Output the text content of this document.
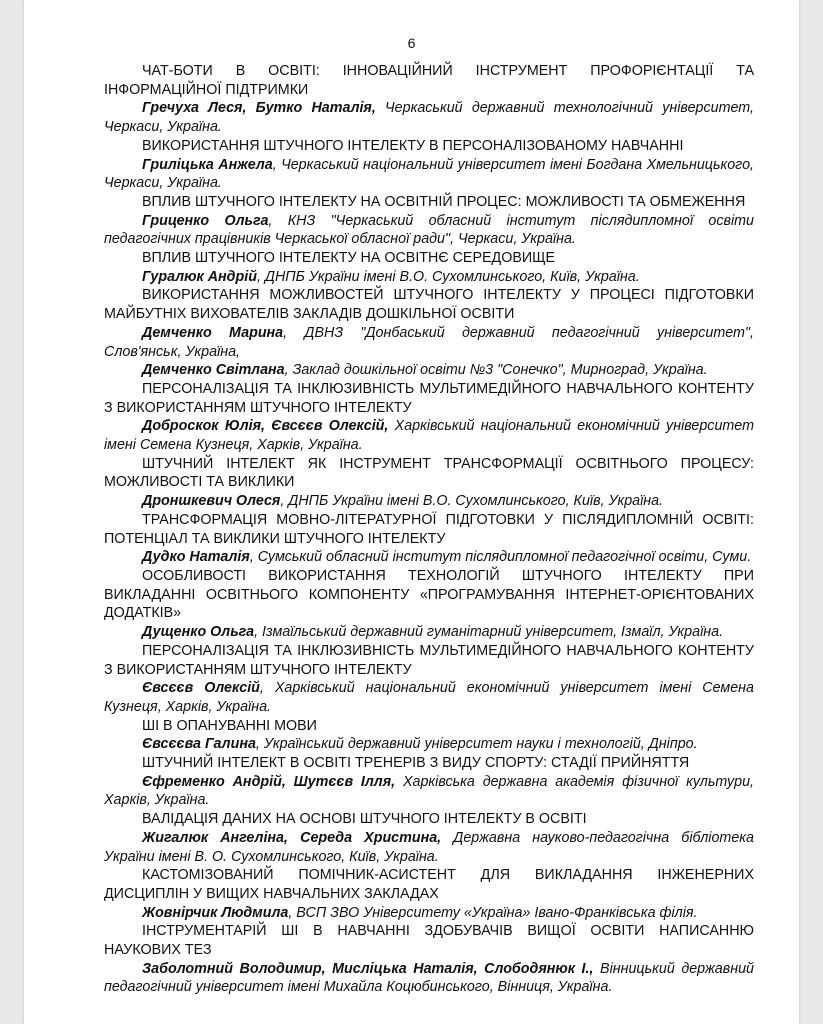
6
ЧАТ-БОТИ В ОСВІТІ: ІННОВАЦІЙНИЙ ІНСТРУМЕНТ ПРОФОРІЄНТАЦІЇ ТА ІНФОРМАЦІЙНОЇ ПІДТРИМКИ
Гречуха Леся, Бутко Наталія, Черкаський державний технологічний університет, Черкаси, Україна.
ВИКОРИСТАННЯ ШТУЧНОГО ІНТЕЛЕКТУ В ПЕРСОНАЛІЗОВАНОМУ НАВЧАННІ
Гриліцька Анжела, Черкаський національний університет імені Богдана Хмельницького, Черкаси, Україна.
ВПЛИВ ШТУЧНОГО ІНТЕЛЕКТУ НА ОСВІТНІЙ ПРОЦЕС: МОЖЛИВОСТІ ТА ОБМЕЖЕННЯ
Гриценко Ольга, КНЗ "Черкаський обласний інститут післядипломної освіти педагогічних працівників Черкаської обласної ради", Черкаси, Україна.
ВПЛИВ ШТУЧНОГО ІНТЕЛЕКТУ НА ОСВІТНЄ СЕРЕДОВИЩЕ
Гуралюк Андрій, ДНПБ України імені В.О. Сухомлинського, Київ, Україна.
ВИКОРИСТАННЯ МОЖЛИВОСТЕЙ ШТУЧНОГО ІНТЕЛЕКТУ У ПРОЦЕСІ ПІДГОТОВКИ МАЙБУТНІХ ВИХОВАТЕЛІВ ЗАКЛАДІВ ДОШКІЛЬНОЇ ОСВІТИ
Демченко Марина, ДВНЗ "Донбаський державний педагогічний університет", Слов'янськ, Україна,
Демченко Світлана, Заклад дошкільної освіти №3 "Сонечко", Мирноград, Україна.
ПЕРСОНАЛІЗАЦІЯ ТА ІНКЛЮЗИВНІСТЬ МУЛЬТИМЕДІЙНОГО НАВЧАЛЬНОГО КОНТЕНТУ З ВИКОРИСТАННЯМ ШТУЧНОГО ІНТЕЛЕКТУ
Доброскок Юлія, Євсєєв Олексій, Харківський національний економічний університет імені Семена Кузнеця, Харків, Україна.
ШТУЧНИЙ ІНТЕЛЕКТ ЯК ІНСТРУМЕНТ ТРАНСФОРМАЦІЇ ОСВІТНЬОГО ПРОЦЕСУ: МОЖЛИВОСТІ ТА ВИКЛИКИ
Дроншкевич Олеся, ДНПБ України імені В.О. Сухомлинського, Київ, Україна.
ТРАНСФОРМАЦІЯ МОВНО-ЛІТЕРАТУРНОЇ ПІДГОТОВКИ У ПІСЛЯДИПЛОМНІЙ ОСВІТІ: ПОТЕНЦІАЛ ТА ВИКЛИКИ ШТУЧНОГО ІНТЕЛЕКТУ
Дудко Наталія, Сумський обласний інститут післядипломної педагогічної освіти, Суми.
ОСОБЛИВОСТІ ВИКОРИСТАННЯ ТЕХНОЛОГІЙ ШТУЧНОГО ІНТЕЛЕКТУ ПРИ ВИКЛАДАННІ ОСВІТНЬОГО КОМПОНЕНТУ «ПРОГРАМУВАННЯ ІНТЕРНЕТ-ОРІЄНТОВАНИХ ДОДАТКІВ»
Дущенко Ольга, Ізмаїльський державний гуманітарний університет, Ізмаїл, Україна.
ПЕРСОНАЛІЗАЦІЯ ТА ІНКЛЮЗИВНІСТЬ МУЛЬТИМЕДІЙНОГО НАВЧАЛЬНОГО КОНТЕНТУ З ВИКОРИСТАННЯМ ШТУЧНОГО ІНТЕЛЕКТУ
Євсєєв Олексій, Харківський національний економічний університет імені Семена Кузнеця, Харків, Україна.
ШІ В ОПАНУВАННІ МОВИ
Євсєєва Галина, Український державний університет науки і технологій, Дніпро.
ШТУЧНИЙ ІНТЕЛЕКТ В ОСВІТІ ТРЕНЕРІВ З ВИДУ СПОРТУ: СТАДІЇ ПРИЙНЯТТЯ
Єфременко Андрій, Шутєєв Ілля, Харківська державна академія фізичної культури, Харків, Україна.
ВАЛІДАЦІЯ ДАНИХ НА ОСНОВІ ШТУЧНОГО ІНТЕЛЕКТУ В ОСВІТІ
Жигалюк Ангеліна, Середа Христина, Державна науково-педагогічна бібліотека України імені В. О. Сухомлинського, Київ, Україна.
КАСТОМІЗОВАНИЙ ПОМІЧНИК-АСИСТЕНТ ДЛЯ ВИКЛАДАННЯ ІНЖЕНЕРНИХ ДИСЦИПЛІН У ВИЩИХ НАВЧАЛЬНИХ ЗАКЛАДАХ
Жовнірчик Людмила, ВСП ЗВО Університету «Україна» Івано-Франківська філія.
ІНСТРУМЕНТАРІЙ ШІ В НАВЧАННІ ЗДОБУВАЧІВ ВИЩОЇ ОСВІТИ НАПИСАННЮ НАУКОВИХ ТЕЗ
Заболотний Володимир, Мисліцька Наталія, Слободянюк І., Вінницький державний педагогічний університет імені Михайла Коцюбинського, Вінниця, Україна.
